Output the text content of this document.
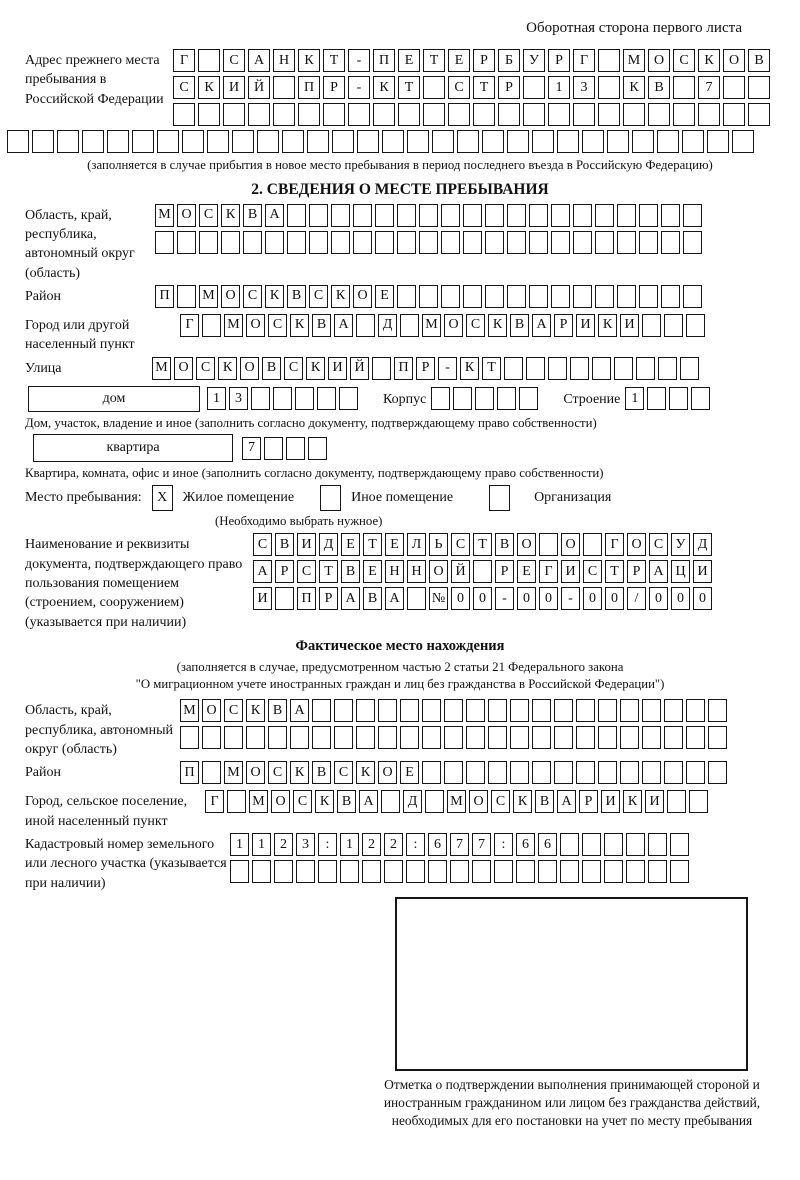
Оборотная сторона первого листа
Адрес прежнего места пребывания в Российской Федерации
Г	С	А	Н	К	Т	-	П	Е	Т	Е	Р	Б	У	Р	Г	М О	С	К	О	В
С	К	И	Й	П	Р	-	К	Т	С	Т	Р	1	3	К	В	7
(заполняется в случае прибытия в новое место пребывания в период последнего въезда в Российскую Федерацию)
2. СВЕДЕНИЯ О МЕСТЕ ПРЕБЫВАНИЯ
Область, край, республика, автономный округ (область)
М О С К В А
Район	П	М О С К В С К О Е
Город или другой населенный пункт
Г	М О С К В А	Д	М О С К В А Р И К И
Улица	М О С К О В С К И Й	П Р	-	К Т
дом	1	3	Корпус	Строение 1
Дом, участок, владение и иное (заполнить согласно документу, подтверждающему право собственности)
квартира	7
Квартира, комната, офис и иное (заполнить согласно документу, подтверждающему право собственности)
Место пребывания:	X	Жилое помещение	Иное помещение	Организация
(Необходимо выбрать нужное)
Наименование и реквизиты документа, подтверждающего право пользования помещением (строением, сооружением) (указывается при наличии)
С В И Д Е Т Е Л Ь С Т В О	О	Г О С У Д
А Р С Т В Е Н Н О Й	Р Е Г И С Т Р А Ц И
И	П Р А В А	№ 0	0	-	0	0	-	0	0	/	0	0	0
Фактическое место нахождения
(заполняется в случае, предусмотренном частью 2 статьи 21 Федерального закона
"О миграционном учете иностранных граждан и лиц без гражданства в Российской Федерации")
Область, край, республика, автономный округ (область)
М О С К В А
Район	П	М О С К В С К О Е
Город, сельское поселение, иной населенный пункт
Г	М О С К В А	Д	М О С К В А Р И К И
Кадастровый номер земельного или лесного участка (указывается при наличии)
1	1	2	3	:	1	2	2	:	6	7	7	:	6	6
Отметка о подтверждении выполнения принимающей стороной и иностранным гражданином или лицом без гражданства действий, необходимых для его постановки на учет по месту пребывания
